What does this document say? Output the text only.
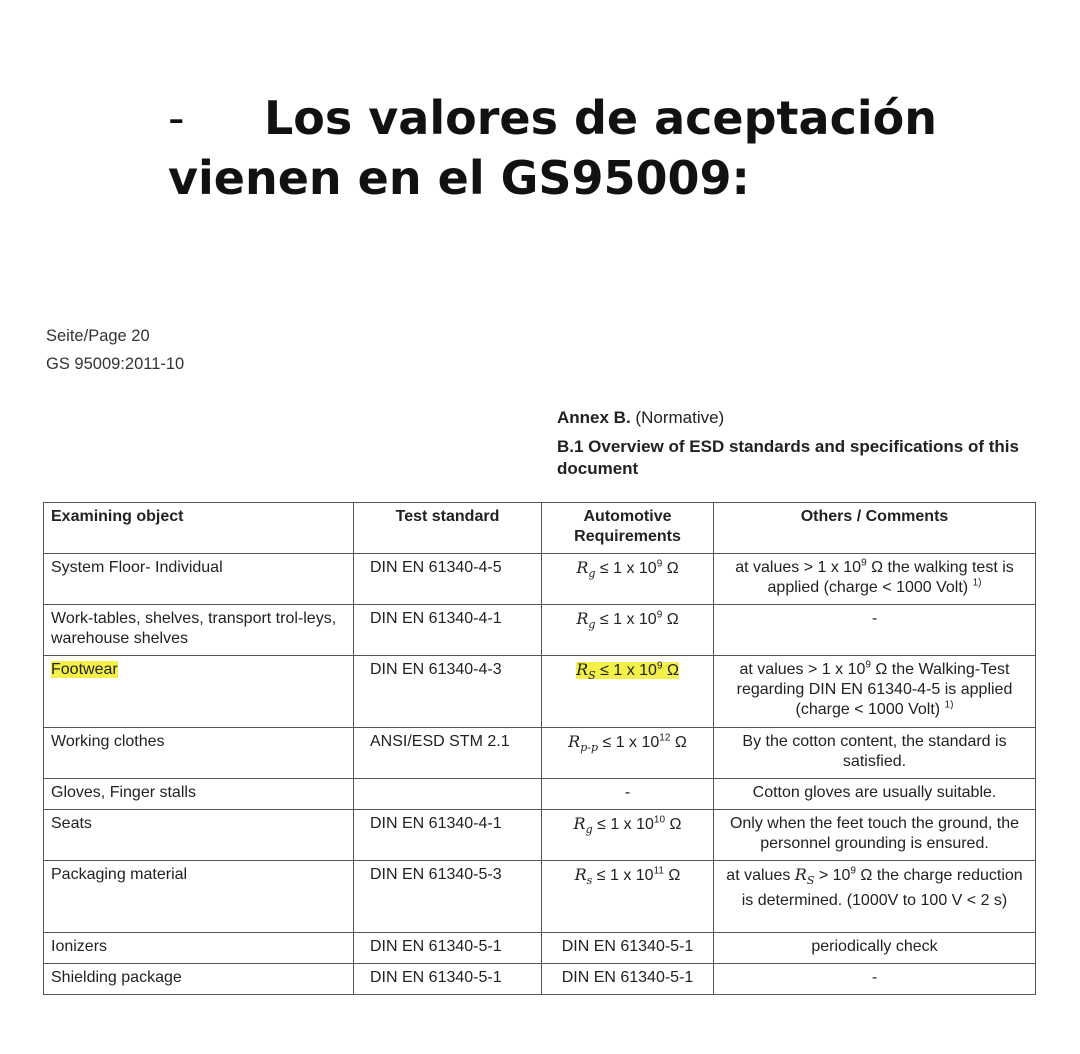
- Los valores de aceptación vienen en el GS95009:
Seite/Page 20
GS 95009:2011-10
Annex B. (Normative)
B.1 Overview of ESD standards and specifications of this document
Examining object	Test standard	Automotive Requirements	Others / Comments
System Floor- Individual	DIN EN 61340-4-5	$R_g \le 1$ x $10^9$ Ω	at values > 1 x $10^9$ Ω the walking test is applied (charge < 1000 Volt) $^{1)}$
Work-tables, shelves, transport trol-leys, warehouse shelves	DIN EN 61340-4-1	$R_g \le 1$ x $10^9$ Ω	-
Footwear	DIN EN 61340-4-3	$R_S \le 1$ x $10^9$ Ω	at values > 1 x $10^9$ Ω the Walking-Test regarding DIN EN 61340-4-5 is applied (charge < 1000 Volt) $^{1)}$
Working clothes	ANSI/ESD STM 2.1	$R_{p-p} \le 1$ x $10^{12}$ Ω	By the cotton content, the standard is satisfied.
Gloves, Finger stalls		-	Cotton gloves are usually suitable.
Seats	DIN EN 61340-4-1	$R_g \le 1$ x $10^{10}$ Ω	Only when the feet touch the ground, the personnel grounding is ensured.
Packaging material	DIN EN 61340-5-3	$R_s \le 1$ x $10^{11}$ Ω	at values $R_S > 10^9$ Ω the charge reduction is determined. (1000V to 100 V < 2 s)
Ionizers	DIN EN 61340-5-1	DIN EN 61340-5-1	periodically check
Shielding package	DIN EN 61340-5-1	DIN EN 61340-5-1	-
